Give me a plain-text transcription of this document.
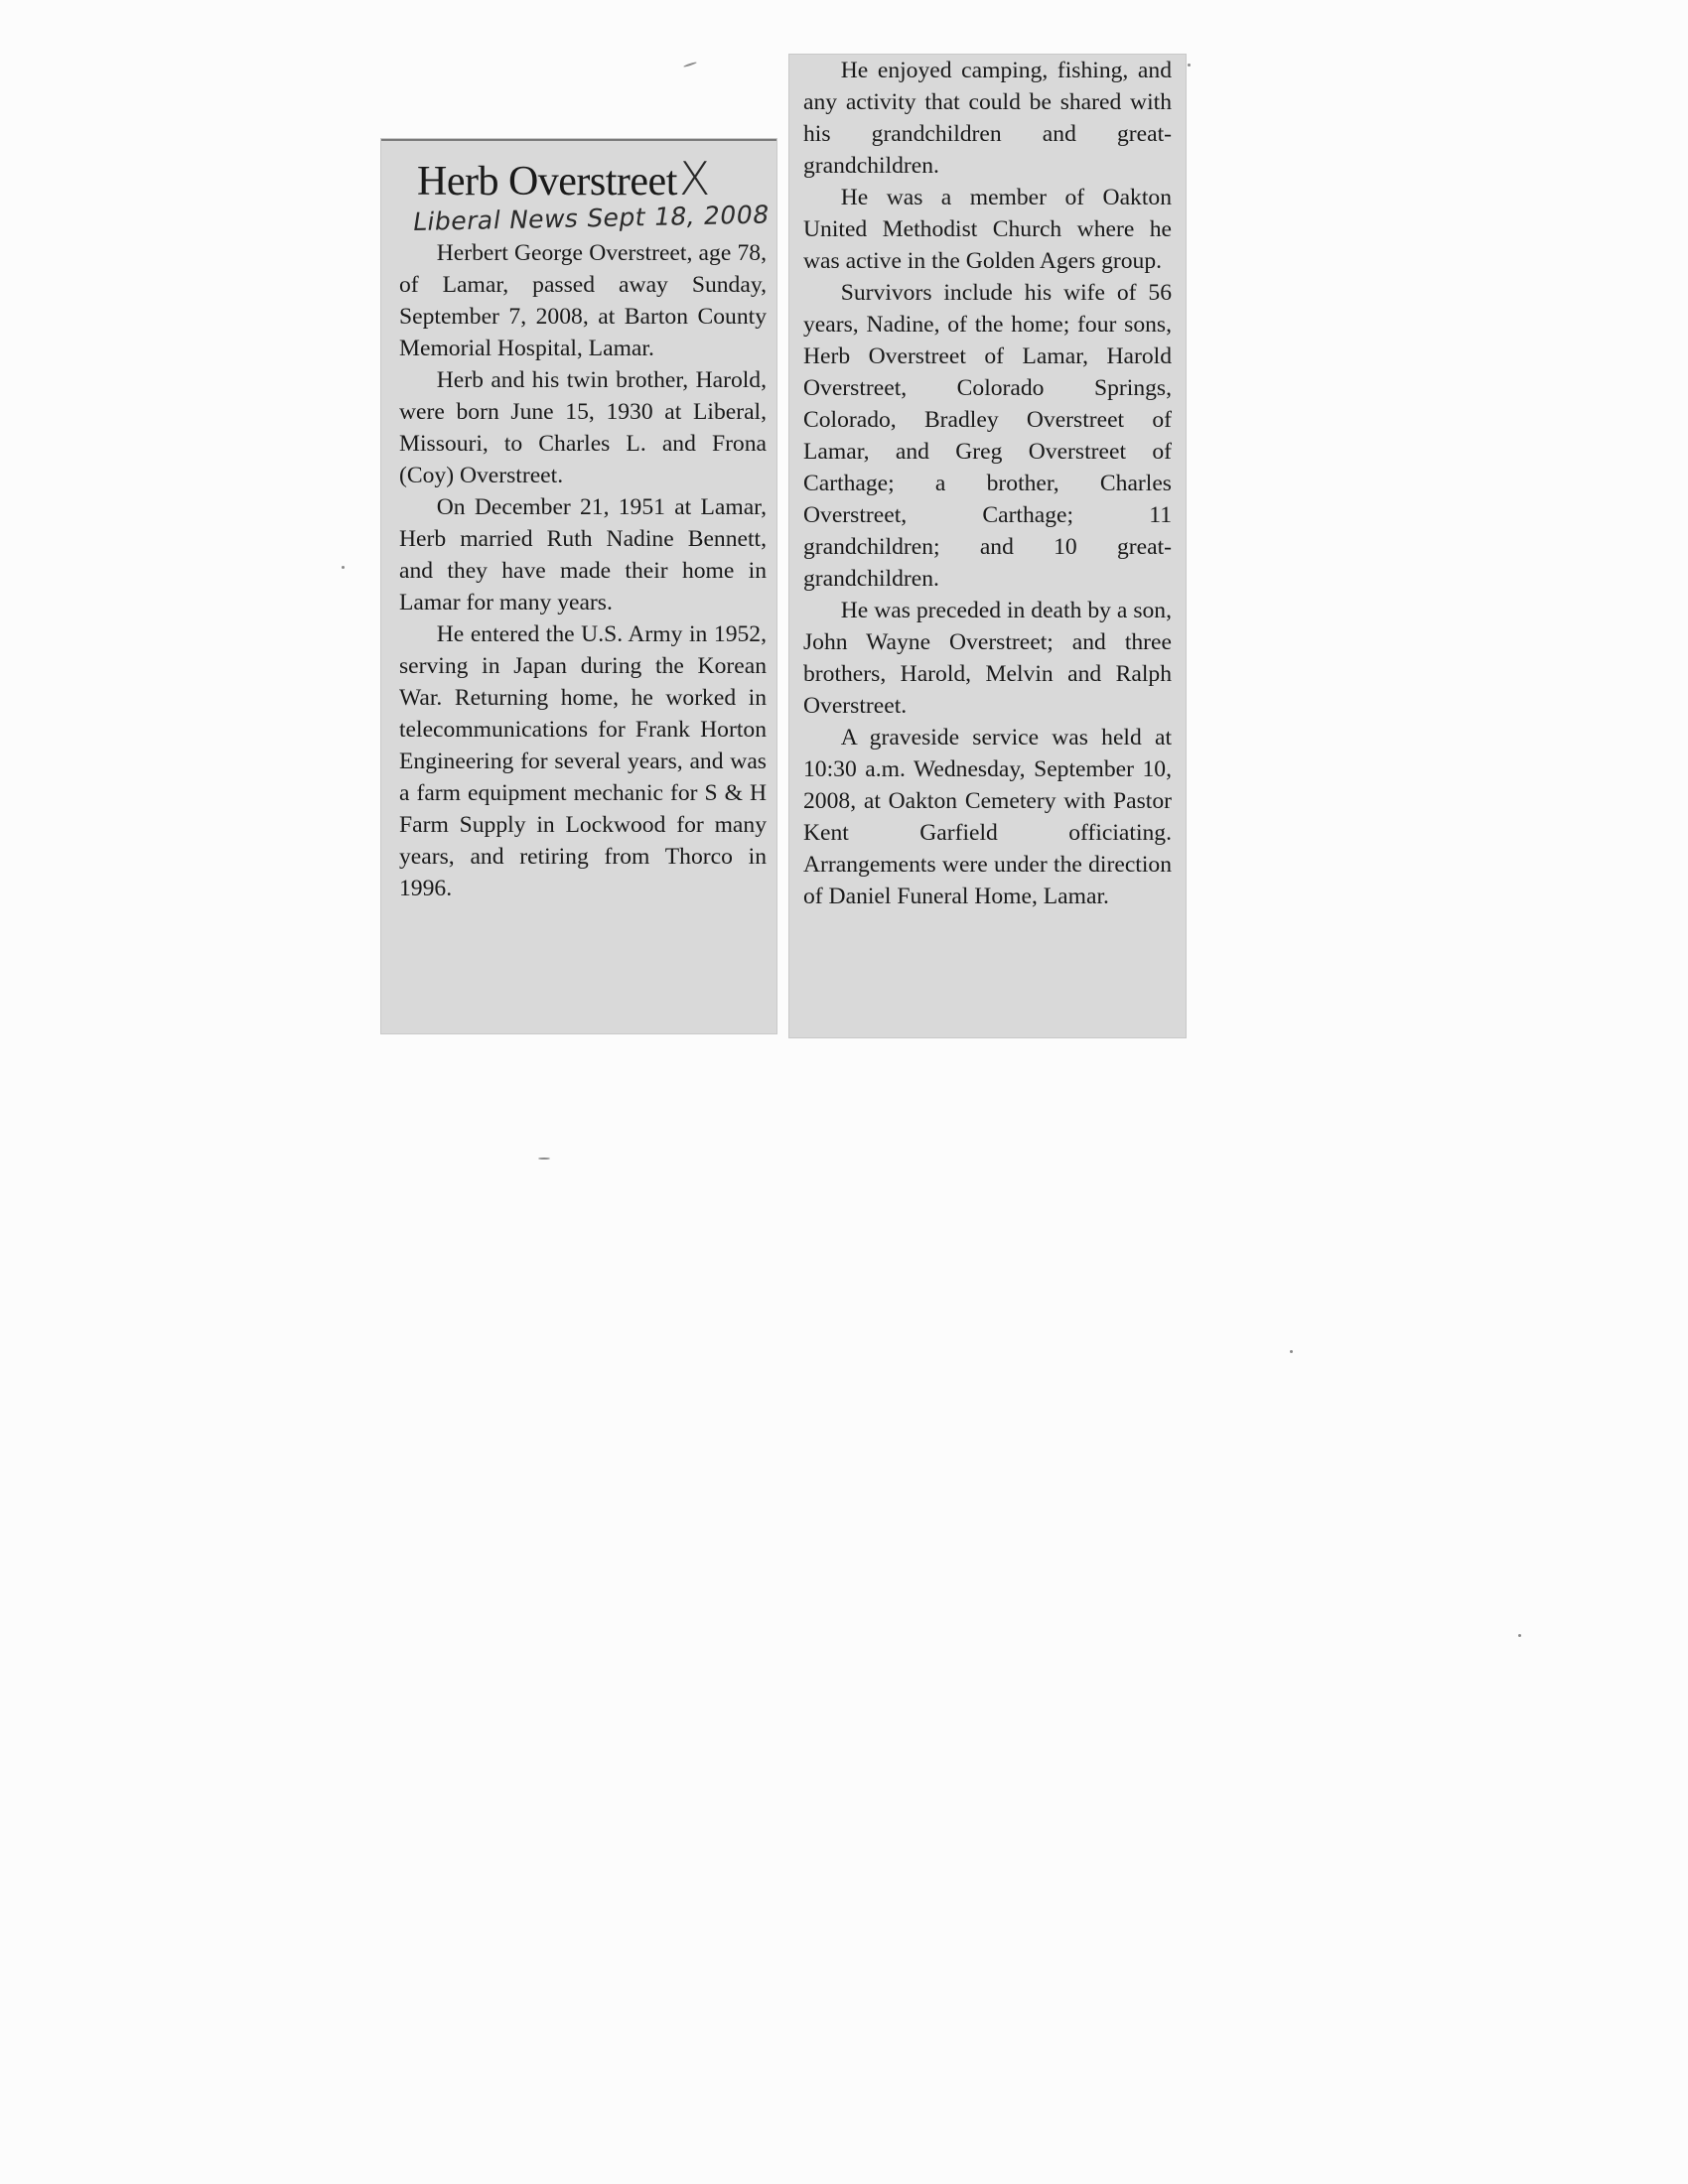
Herb OverstreetX
Liberal News Sept 18, 2008

Herbert George Overstreet, age 78, of Lamar, passed away Sunday, September 7, 2008, at Barton County Memorial Hospital, Lamar.

Herb and his twin brother, Harold, were born June 15, 1930 at Liberal, Missouri, to Charles L. and Frona (Coy) Overstreet.

On December 21, 1951 at Lamar, Herb married Ruth Nadine Bennett, and they have made their home in Lamar for many years.

He entered the U.S. Army in 1952, serving in Japan during the Korean War. Returning home, he worked in telecommunications for Frank Horton Engineering for several years, and was a farm equipment mechanic for S & H Farm Supply in Lockwood for many years, and retiring from Thorco in 1996.

He enjoyed camping, fishing, and any activity that could be shared with his grandchildren and great-grandchildren.

He was a member of Oakton United Methodist Church where he was active in the Golden Agers group.

Survivors include his wife of 56 years, Nadine, of the home; four sons, Herb Overstreet of Lamar, Harold Overstreet, Colorado Springs, Colorado, Bradley Overstreet of Lamar, and Greg Overstreet of Carthage; a brother, Charles Overstreet, Carthage; 11 grandchildren; and 10 great-grandchildren.

He was preceded in death by a son, John Wayne Overstreet; and three brothers, Harold, Melvin and Ralph Overstreet.

A graveside service was held at 10:30 a.m. Wednesday, September 10, 2008, at Oakton Cemetery with Pastor Kent Garfield officiating. Arrangements were under the direction of Daniel Funeral Home, Lamar.
